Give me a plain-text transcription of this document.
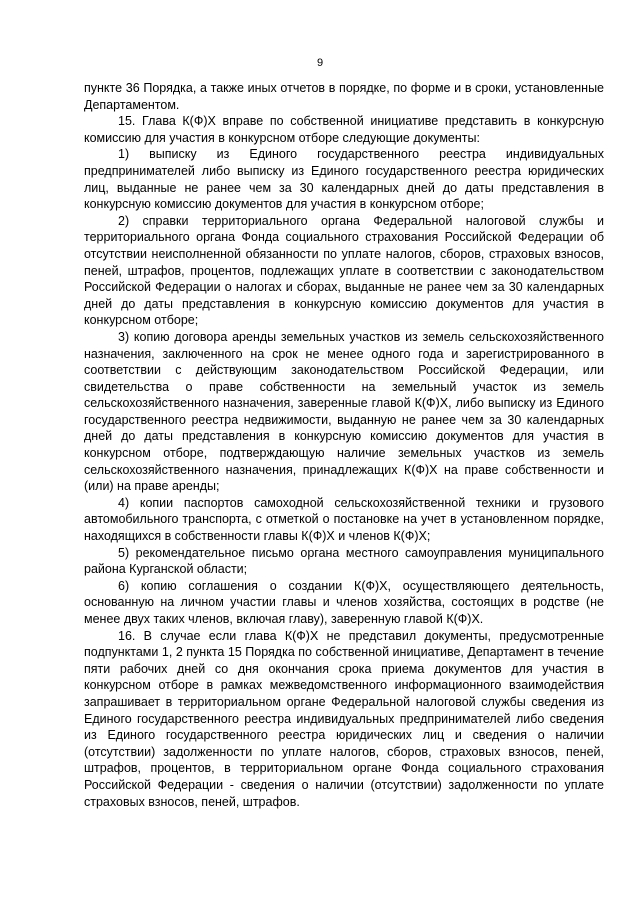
9

пункте 36 Порядка, а также иных отчетов в порядке, по форме и в сроки, установленные Департаментом.

15. Глава К(Ф)Х вправе по собственной инициативе представить в конкурсную комиссию для участия в конкурсном отборе следующие документы:

1) выписку из Единого государственного реестра индивидуальных предпринимателей либо выписку из Единого государственного реестра юридических лиц, выданные не ранее чем за 30 календарных дней до даты представления в конкурсную комиссию документов для участия в конкурсном отборе;

2) справки территориального органа Федеральной налоговой службы и территориального органа Фонда социального страхования Российской Федерации об отсутствии неисполненной обязанности по уплате налогов, сборов, страховых взносов, пеней, штрафов, процентов, подлежащих уплате в соответствии с законодательством Российской Федерации о налогах и сборах, выданные не ранее чем за 30 календарных дней до даты представления в конкурсную комиссию документов для участия в конкурсном отборе;

3) копию договора аренды земельных участков из земель сельскохозяйственного назначения, заключенного на срок не менее одного года и зарегистрированного в соответствии с действующим законодательством Российской Федерации, или свидетельства о праве собственности на земельный участок из земель сельскохозяйственного назначения, заверенные главой К(Ф)Х, либо выписку из Единого государственного реестра недвижимости, выданную не ранее чем за 30 календарных дней до даты представления в конкурсную комиссию документов для участия в конкурсном отборе, подтверждающую наличие земельных участков из земель сельскохозяйственного назначения, принадлежащих К(Ф)Х на праве собственности и (или) на праве аренды;

4) копии паспортов самоходной сельскохозяйственной техники и грузового автомобильного транспорта, с отметкой о постановке на учет в установленном порядке, находящихся в собственности главы К(Ф)Х и членов К(Ф)Х;

5) рекомендательное письмо органа местного самоуправления муниципального района Курганской области;

6) копию соглашения о создании К(Ф)Х, осуществляющего деятельность, основанную на личном участии главы и членов хозяйства, состоящих в родстве (не менее двух таких членов, включая главу), заверенную главой К(Ф)Х.

16. В случае если глава К(Ф)Х не представил документы, предусмотренные подпунктами 1, 2 пункта 15 Порядка по собственной инициативе, Департамент в течение пяти рабочих дней со дня окончания срока приема документов для участия в конкурсном отборе в рамках межведомственного информационного взаимодействия запрашивает в территориальном органе Федеральной налоговой службы сведения из Единого государственного реестра индивидуальных предпринимателей либо сведения из Единого государственного реестра юридических лиц и сведения о наличии (отсутствии) задолженности по уплате налогов, сборов, страховых взносов, пеней, штрафов, процентов, в территориальном органе Фонда социального страхования Российской Федерации - сведения о наличии (отсутствии) задолженности по уплате страховых взносов, пеней, штрафов.
